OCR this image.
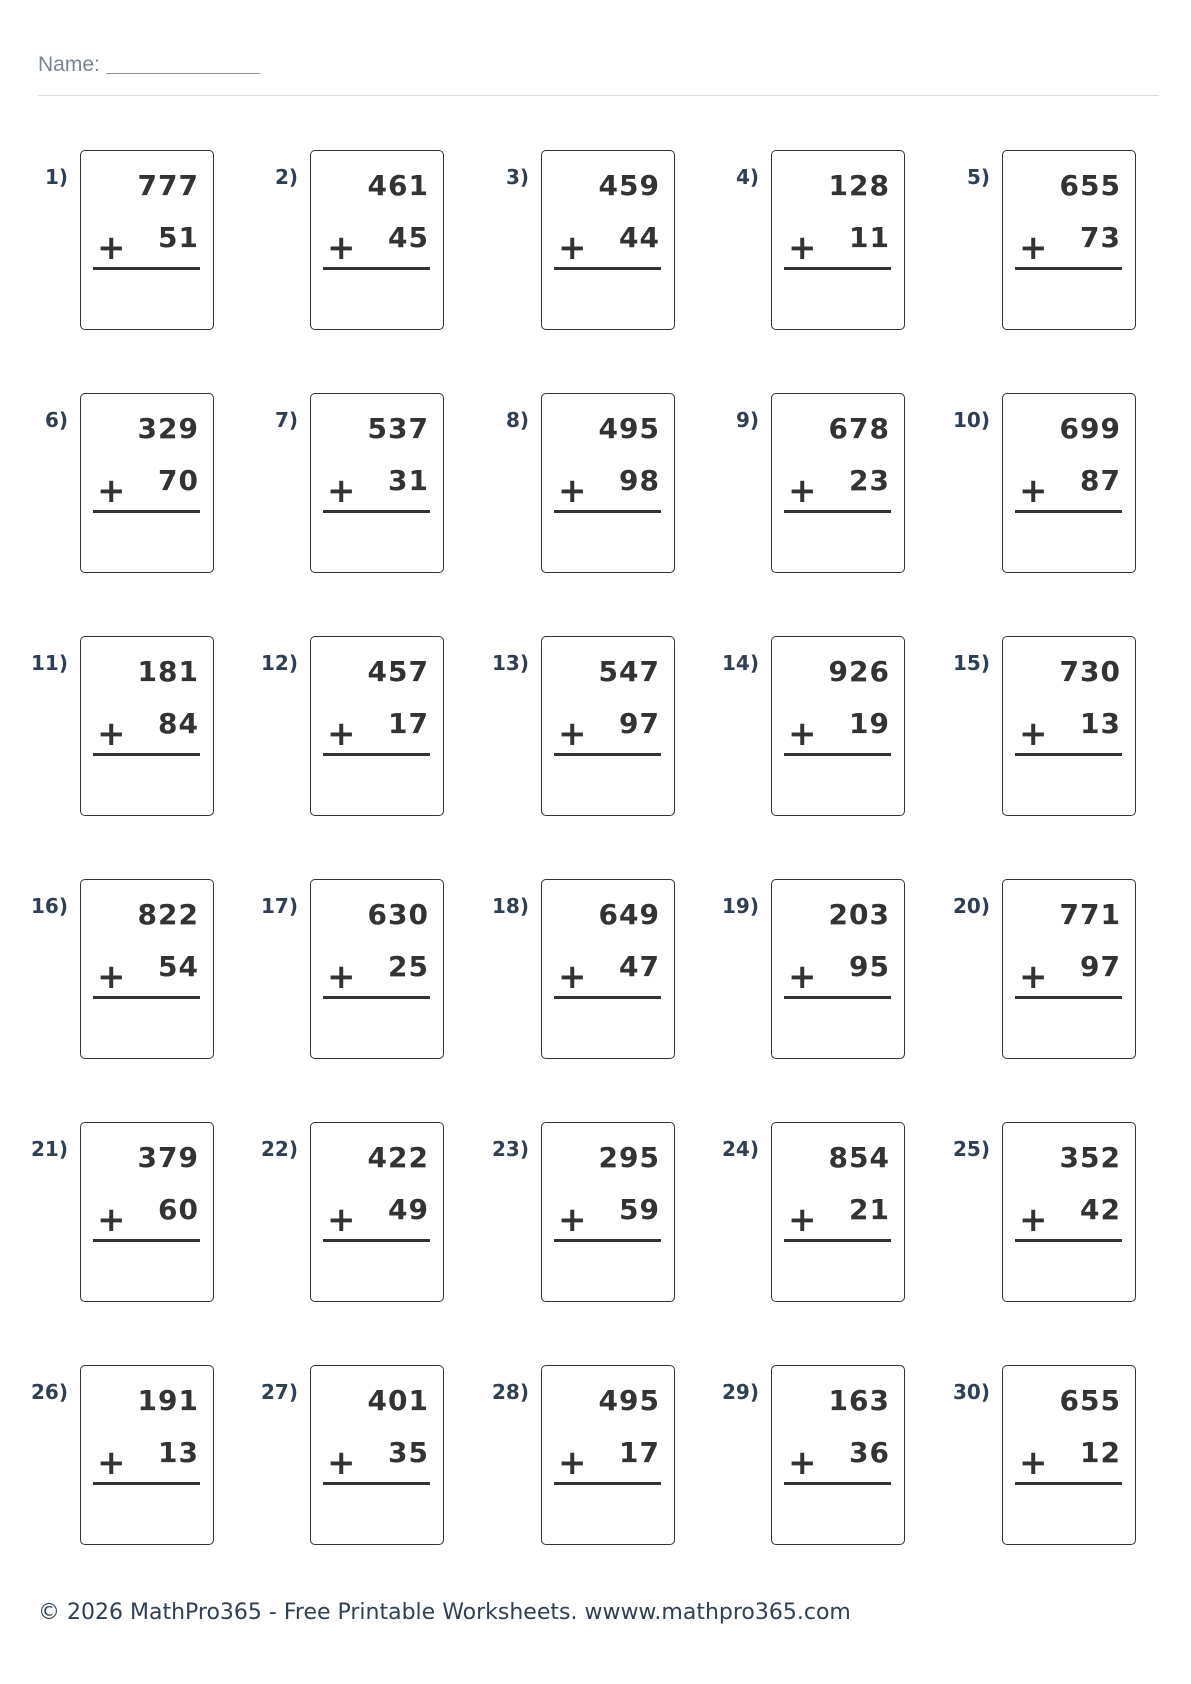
Name:
1) 777
+ 51
2) 461
+ 45
3) 459
+ 44
4) 128
+ 11
5) 655
+ 73
6) 329
+ 70
7) 537
+ 31
8) 495
+ 98
9) 678
+ 23
10) 699
+ 87
11) 181
+ 84
12) 457
+ 17
13) 547
+ 97
14) 926
+ 19
15) 730
+ 13
16) 822
+ 54
17) 630
+ 25
18) 649
+ 47
19) 203
+ 95
20) 771
+ 97
21) 379
+ 60
22) 422
+ 49
23) 295
+ 59
24) 854
+ 21
25) 352
+ 42
26) 191
+ 13
27) 401
+ 35
28) 495
+ 17
29) 163
+ 36
30) 655
+ 12
© 2026 MathPro365 - Free Printable Worksheets. wwww.mathpro365.com
